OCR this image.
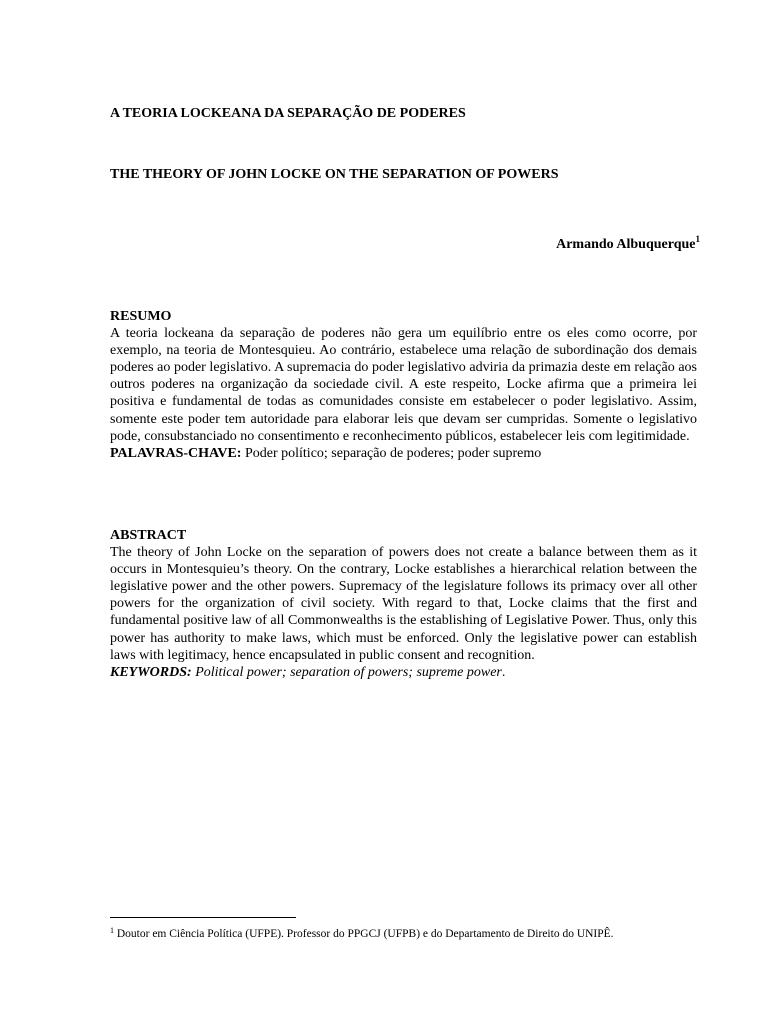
A TEORIA LOCKEANA DA SEPARAÇÃO DE PODERES
THE THEORY OF JOHN LOCKE ON THE SEPARATION OF POWERS
Armando Albuquerque$^1$
RESUMO

A teoria lockeana da separação de poderes não gera um equilíbrio entre os eles como ocorre, por exemplo, na teoria de Montesquieu. Ao contrário, estabelece uma relação de subordinação dos demais poderes ao poder legislativo. A supremacia do poder legislativo adviria da primazia deste em relação aos outros poderes na organização da sociedade civil. A este respeito, Locke afirma que a primeira lei positiva e fundamental de todas as comunidades consiste em estabelecer o poder legislativo. Assim, somente este poder tem autoridade para elaborar leis que devam ser cumpridas. Somente o legislativo pode, consubstanciado no consentimento e reconhecimento públicos, estabelecer leis com legitimidade.

PALAVRAS-CHAVE: Poder político; separação de poderes; poder supremo
ABSTRACT

The theory of John Locke on the separation of powers does not create a balance between them as it occurs in Montesquieu’s theory. On the contrary, Locke establishes a hierarchical relation between the legislative power and the other powers. Supremacy of the legislature follows its primacy over all other powers for the organization of civil society. With regard to that, Locke claims that the first and fundamental positive law of all Commonwealths is the establishing of Legislative Power. Thus, only this power has authority to make laws, which must be enforced. Only the legislative power can establish laws with legitimacy, hence encapsulated in public consent and recognition.

KEYWORDS: Political power; separation of powers; supreme power.
$^1$ Doutor em Ciência Política (UFPE). Professor do PPGCJ (UFPB) e do Departamento de Direito do UNIPÊ.
